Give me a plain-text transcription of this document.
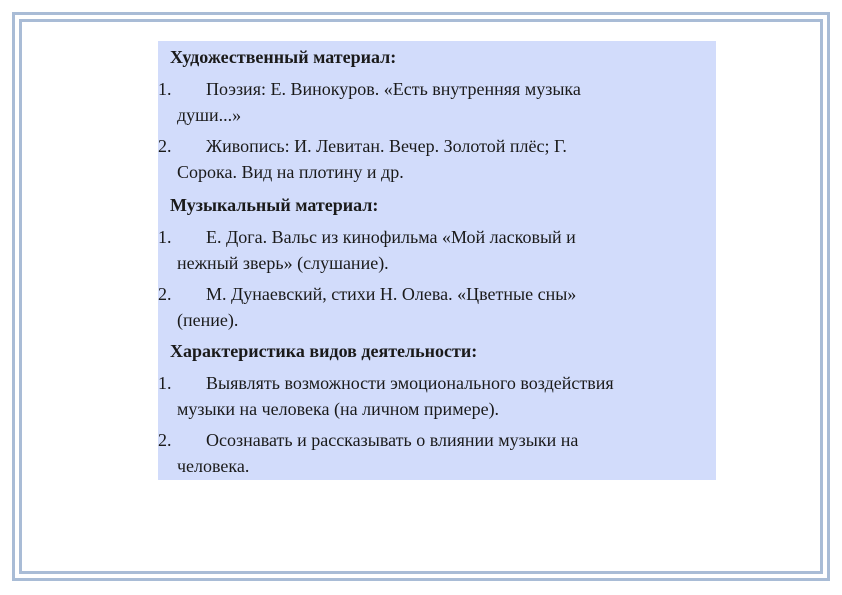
Художественный материал:
1. Поэзия: Е. Винокуров. «Есть внутренняя музыка
души...»
2. Живопись: И. Левитан. Вечер. Золотой плёс; Г.
Сорока. Вид на плотину и др.
Музыкальный материал:
1. Е. Дога. Вальс из кинофильма «Мой ласковый и
нежный зверь» (слушание).
2. М. Дунаевский, стихи Н. Олева. «Цветные сны»
(пение).
Характеристика видов деятельности:
1. Выявлять возможности эмоционального воздействия
музыки на человека (на личном примере).
2. Осознавать и рассказывать о влиянии музыки на
человека.
